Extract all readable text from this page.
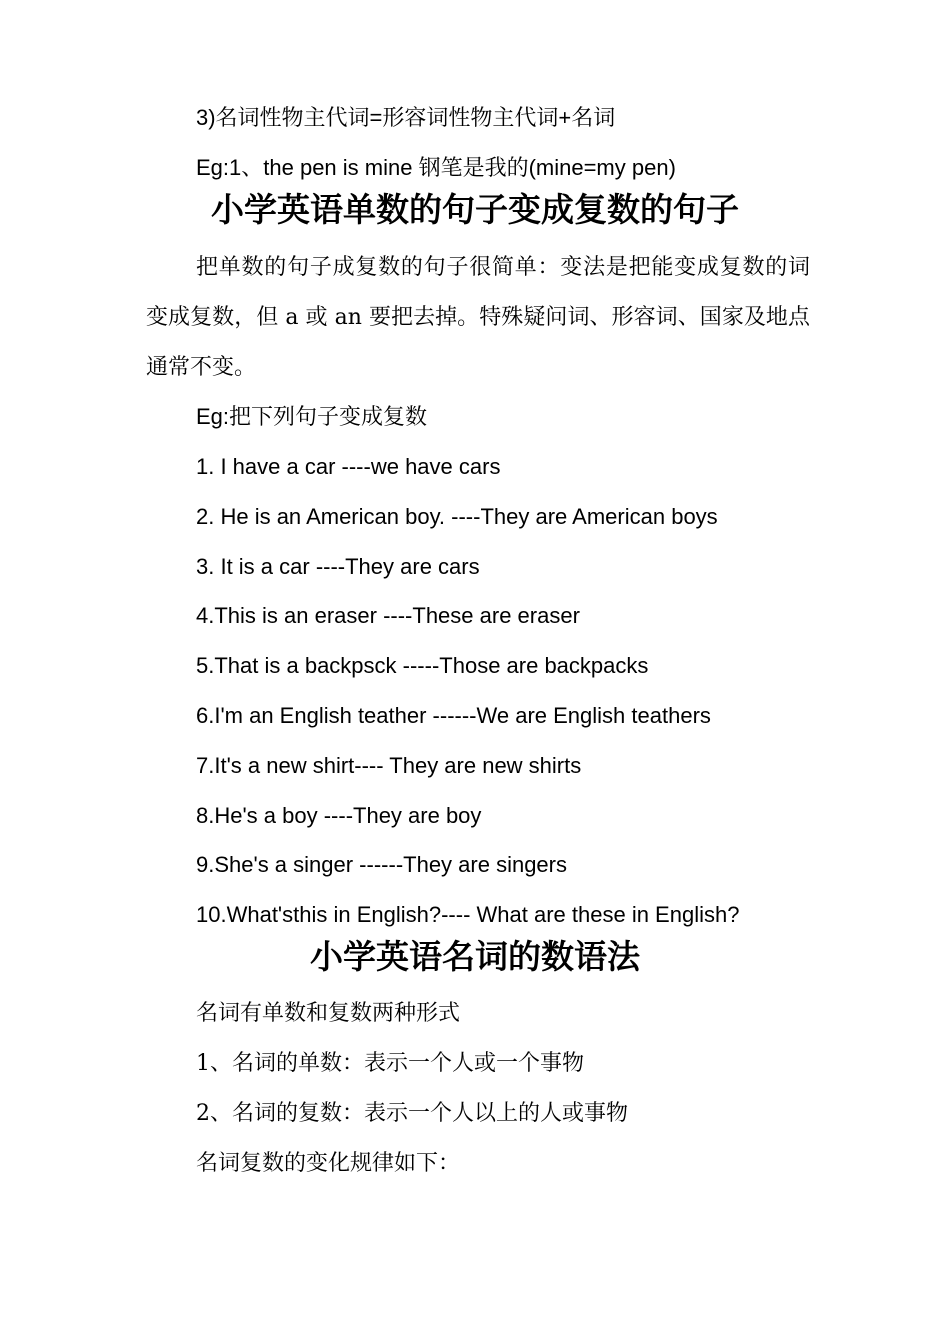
3)名词性物主代词=形容词性物主代词+名词
Eg:1、the pen is mine 钢笔是我的(mine=my pen)
小学英语单数的句子变成复数的句子
把单数的句子成复数的句子很简单：变法是把能变成复数的词变成复数，但 a 或 an 要把去掉。特殊疑问词、形容词、国家及地点通常不变。
Eg:把下列句子变成复数
1. I have a car ----we have cars
2. He is an American boy. ----They are American boys
3. It is a car ----They are cars
4.This is an eraser ----These are eraser
5.That is a backpsck -----Those are backpacks
6.I'm an English teather ------We are English teathers
7.It's a new shirt---- They are new shirts
8.He's a boy ----They are boy
9.She's a singer ------They are singers
10.What'sthis in English?---- What are these in English?
小学英语名词的数语法
名词有单数和复数两种形式
1、名词的单数：表示一个人或一个事物
2、名词的复数：表示一个人以上的人或事物
名词复数的变化规律如下：
